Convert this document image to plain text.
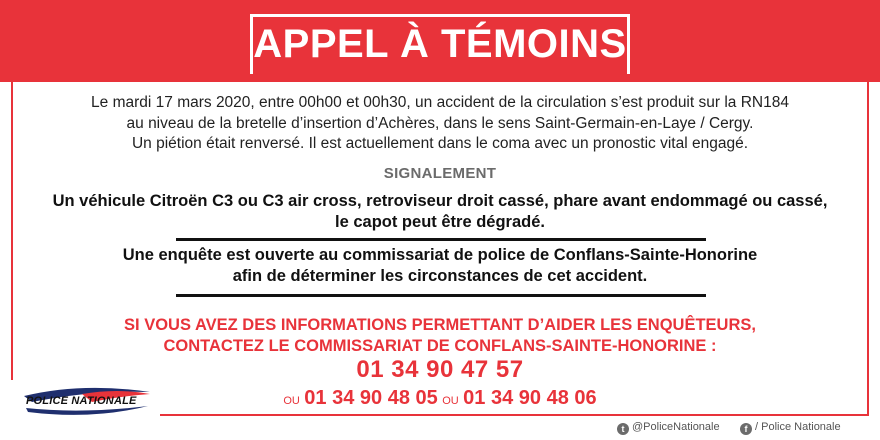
APPEL À TÉMOINS
Le mardi 17 mars 2020, entre 00h00 et 00h30, un accident de la circulation s’est produit sur la RN184
au niveau de la bretelle d’insertion d’Achères, dans le sens Saint-Germain-en-Laye / Cergy.
Un piétion était renversé. Il est actuellement dans le coma avec un pronostic vital engagé.
SIGNALEMENT
Un véhicule Citroën C3 ou C3 air cross, retroviseur droit cassé, phare avant endommagé ou cassé,
le capot peut être dégradé.
Une enquête est ouverte au commissariat de police de Conflans-Sainte-Honorine
afin de déterminer les circonstances de cet accident.
SI VOUS AVEZ DES INFORMATIONS PERMETTANT D’AIDER LES ENQUÊTEURS,
CONTACTEZ LE COMMISSARIAT DE CONFLANS-SAINTE-HONORINE :
01 34 90 47 57
OU 01 34 90 48 05 OU 01 34 90 48 06
POLICE NATIONALE
t @PoliceNationale	f / Police Nationale
